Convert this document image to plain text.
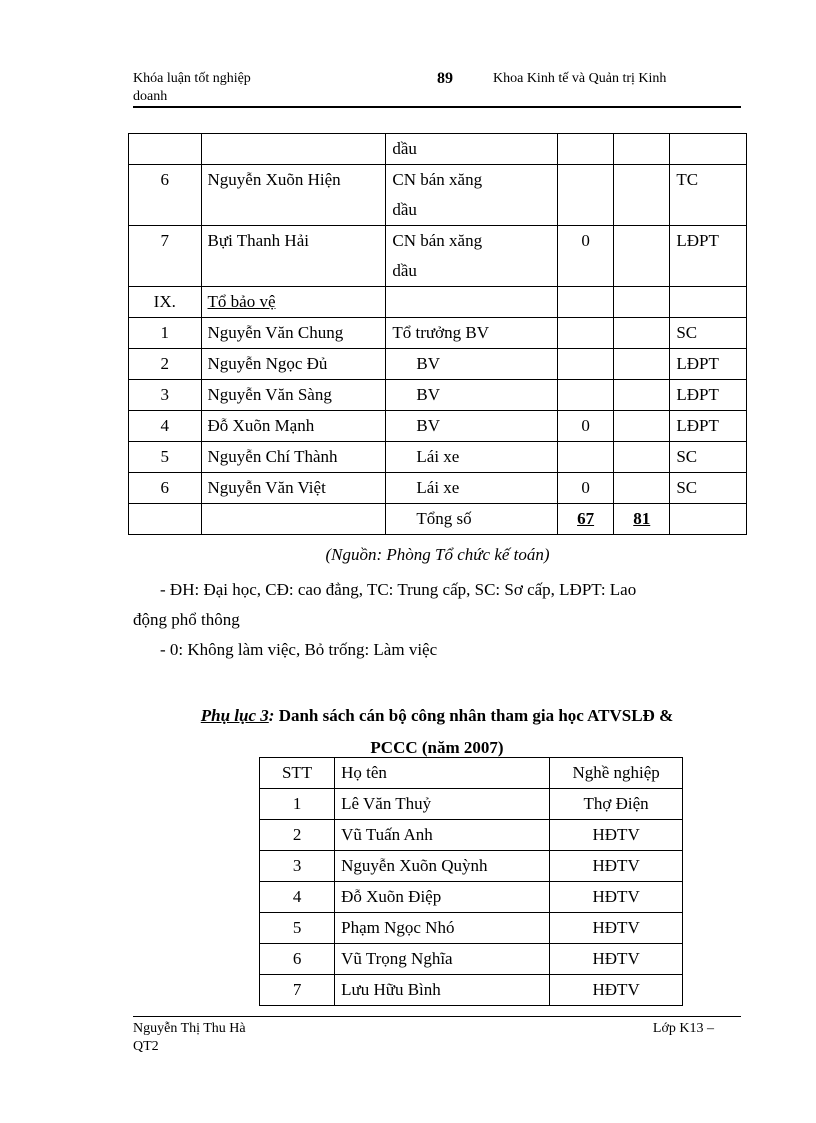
Khóa luận tốt nghiệp
doanh
89	Khoa Kinh tế và Quản trị Kinh
		dầu			
6	Nguyễn Xuõn Hiện	CN bán xăng
dầu			TC
7	Bựi Thanh Hải	CN bán xăng
dầu	0		LĐPT
IX.	Tổ bảo vệ				
1	Nguyễn Văn Chung	Tổ trưởng BV			SC
2	Nguyễn Ngọc Đủ	BV			LĐPT
3	Nguyễn Văn Sàng	BV			LĐPT
4	Đỗ Xuõn Mạnh	BV	0		LĐPT
5	Nguyễn Chí Thành	Lái xe			SC
6	Nguyễn Văn Việt	Lái xe	0		SC
		Tổng số	67	81	
(Nguồn: Phòng Tổ chức kế toán)
- ĐH: Đại học, CĐ: cao đẳng, TC: Trung cấp, SC: Sơ cấp, LĐPT: Lao
động phổ thông
- 0: Không làm việc, Bỏ trống: Làm việc
Phụ lục 3: Danh sách cán bộ công nhân tham gia học ATVSLĐ &
PCCC (năm 2007)
STT	Họ tên	Nghề nghiệp
1	Lê Văn Thuỷ	Thợ Điện
2	Vũ Tuấn Anh	HĐTV
3	Nguyễn Xuõn Quỳnh	HĐTV
4	Đỗ Xuõn Điệp	HĐTV
5	Phạm Ngọc Nhó	HĐTV
6	Vũ Trọng Nghĩa	HĐTV
7	Lưu Hữu Bình	HĐTV
Nguyễn Thị Thu Hà
QT2
Lớp K13 –
